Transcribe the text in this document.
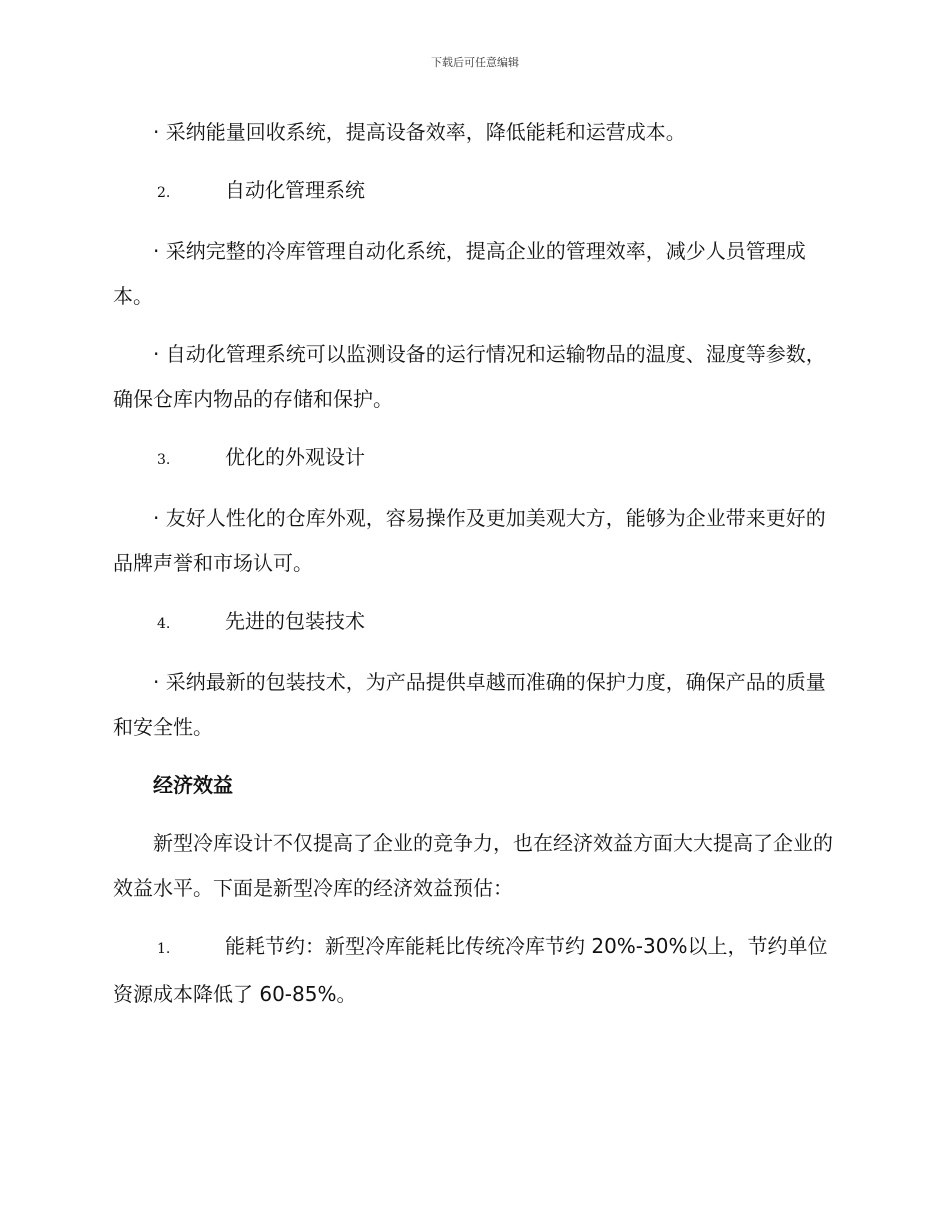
下载后可任意编辑

· 采纳能量回收系统，提高设备效率，降低能耗和运营成本。

2.	自动化管理系统

· 采纳完整的冷库管理自动化系统，提高企业的管理效率，减少人员管理成本。

· 自动化管理系统可以监测设备的运行情况和运输物品的温度、湿度等参数，确保仓库内物品的存储和保护。

3.	优化的外观设计

· 友好人性化的仓库外观，容易操作及更加美观大方，能够为企业带来更好的品牌声誉和市场认可。

4.	先进的包装技术

· 采纳最新的包装技术，为产品提供卓越而准确的保护力度，确保产品的质量和安全性。

经济效益

新型冷库设计不仅提高了企业的竞争力，也在经济效益方面大大提高了企业的效益水平。下面是新型冷库的经济效益预估：

1.	能耗节约：新型冷库能耗比传统冷库节约 20%-30%以上，节约单位资源成本降低了 60-85%。
